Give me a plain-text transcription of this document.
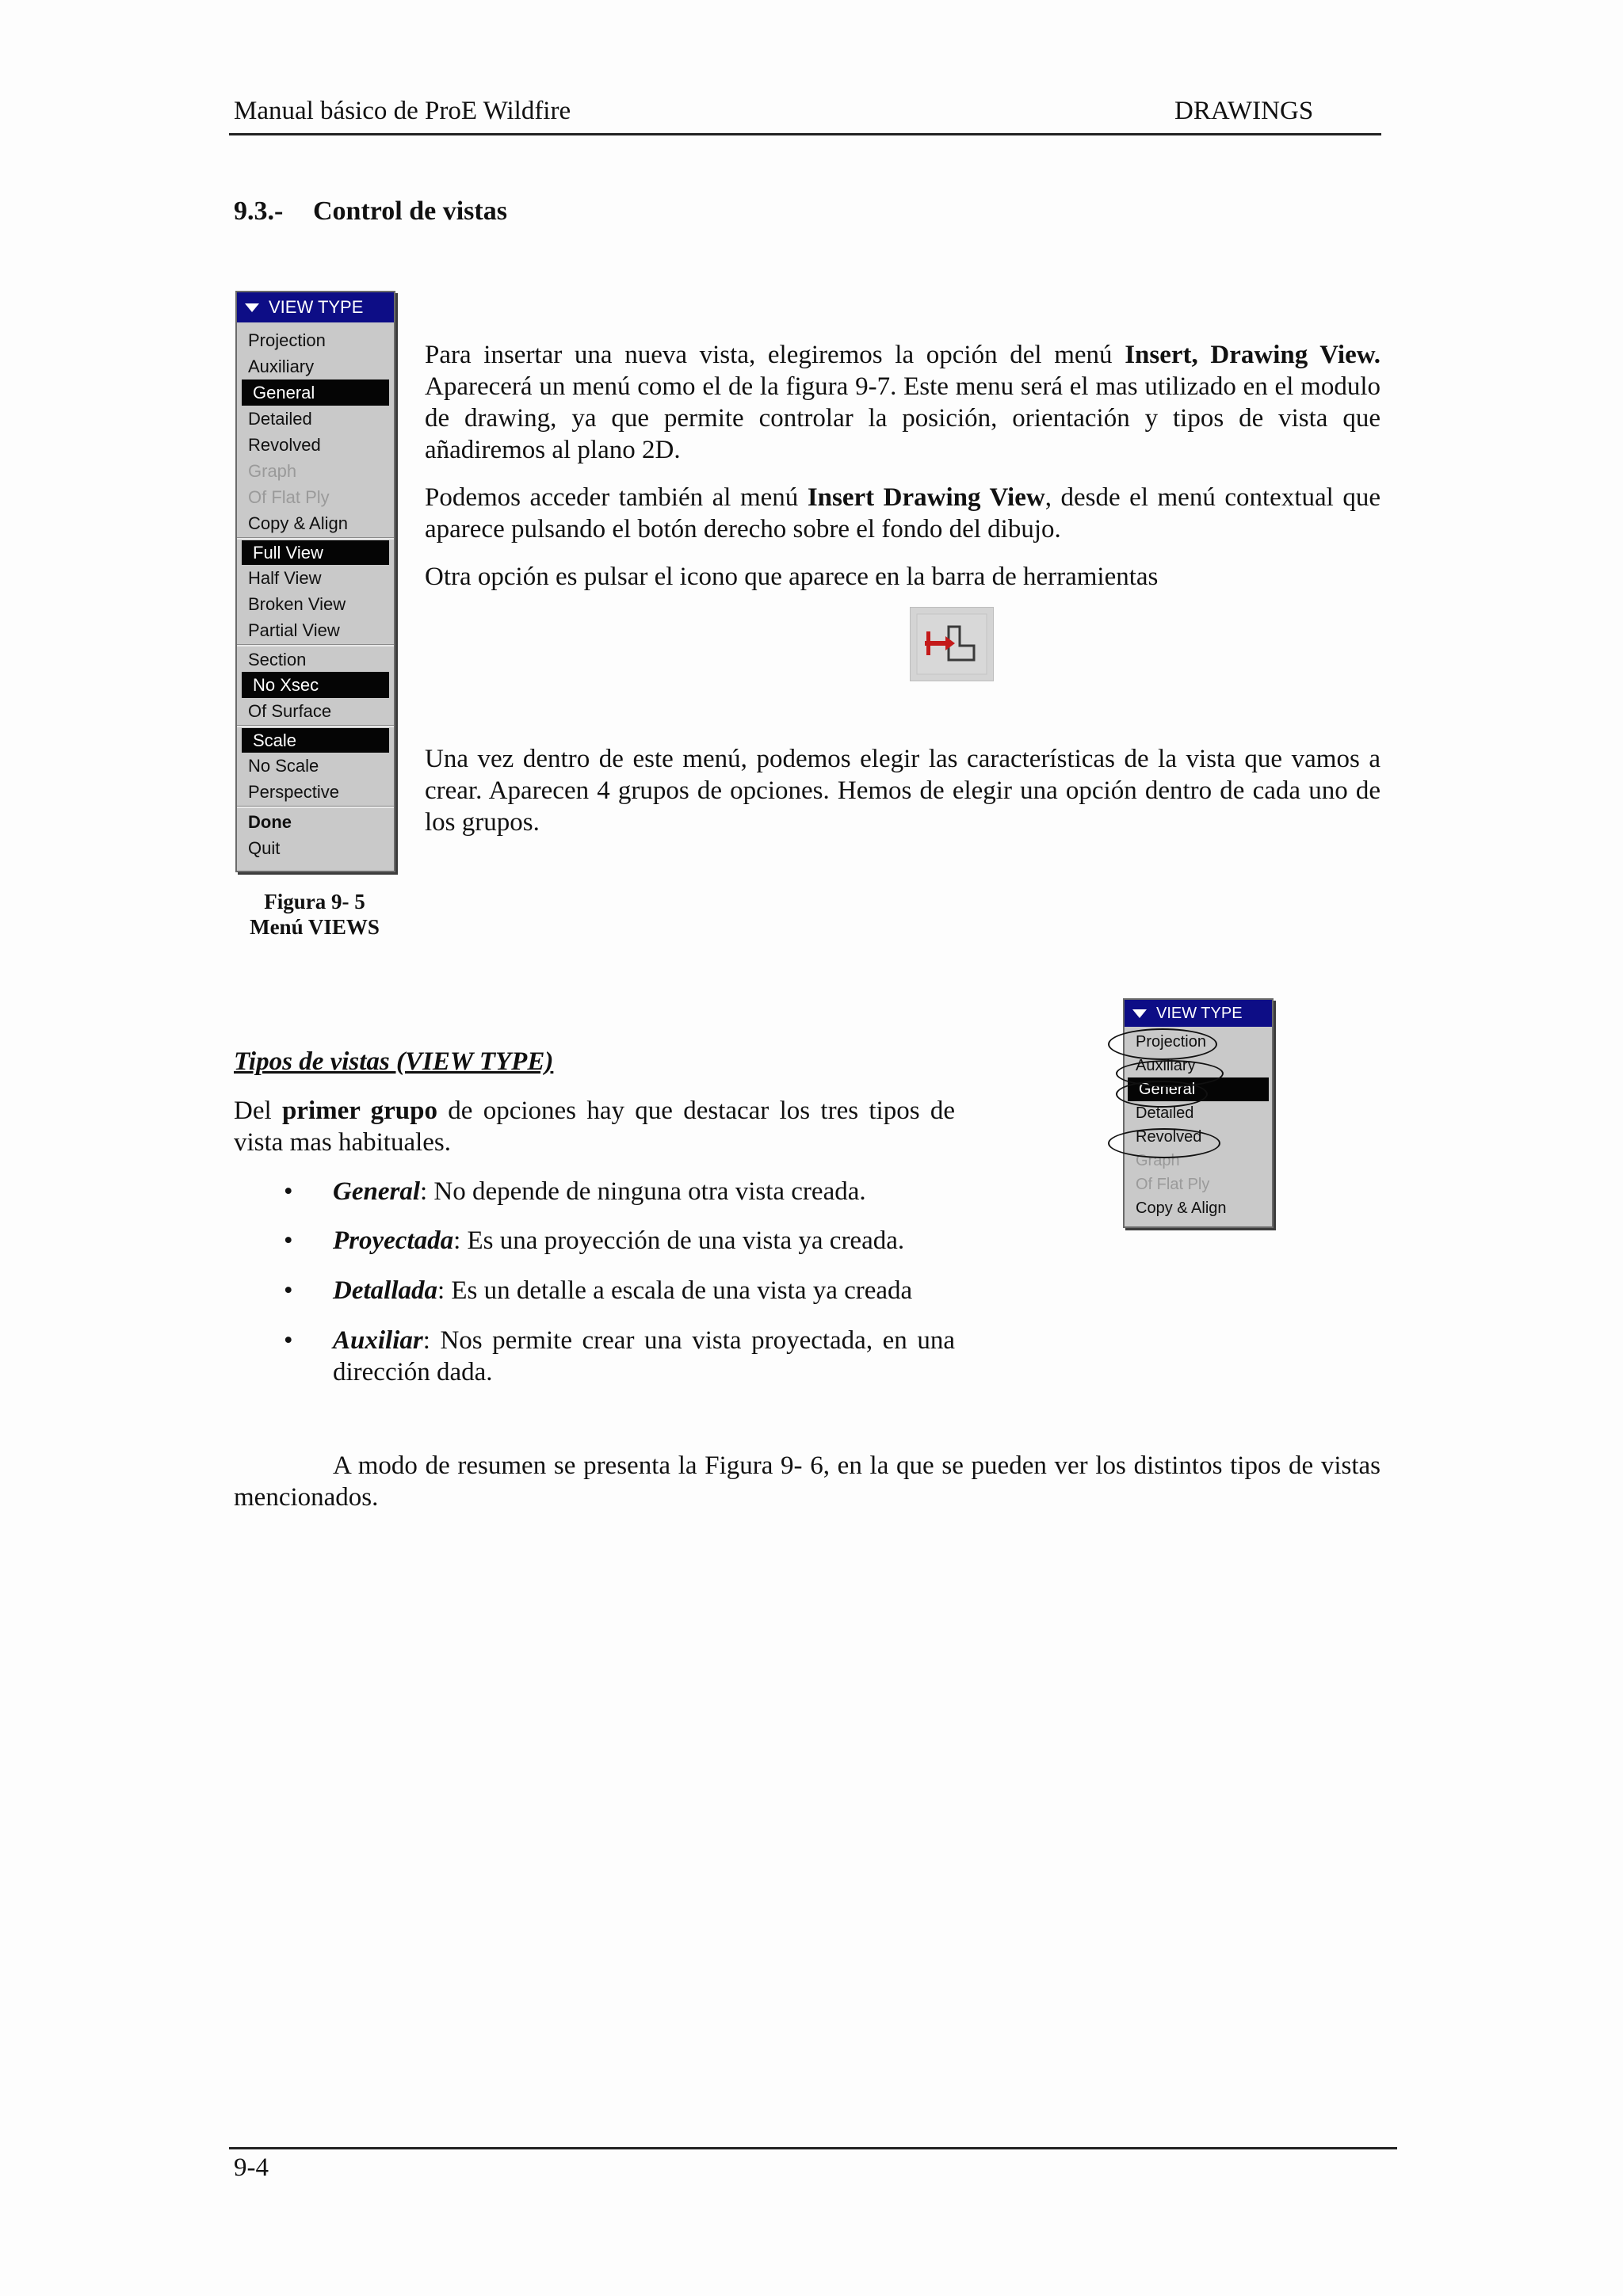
Manual básico de ProE Wildfire	DRAWINGS
9.3.- Control de vistas
VIEW TYPE
Projection
Auxiliary
General
Detailed
Revolved
Graph
Of Flat Ply
Copy & Align
Full View
Half View
Broken View
Partial View
Section
No Xsec
Of Surface
Scale
No Scale
Perspective
Done
Quit
Figura 9- 5
Menú VIEWS

Para insertar una nueva vista, elegiremos la opción del menú Insert, Drawing View. Aparecerá un menú como el de la figura 9-7. Este menu será el mas utilizado en el modulo de drawing, ya que permite controlar la posición, orientación y tipos de vista que añadiremos al plano 2D.

Podemos acceder también al menú Insert Drawing View, desde el menú contextual que aparece pulsando el botón derecho sobre el fondo del dibujo.

Otra opción es pulsar el icono que aparece en la barra de herramientas

Una vez dentro de este menú, podemos elegir las características de la vista que vamos a crear. Aparecen 4 grupos de opciones. Hemos de elegir una opción dentro de cada uno de los grupos.

VIEW TYPE
Projection
Auxiliary
General
Detailed
Revolved
Graph
Of Flat Ply
Copy & Align
Tipos de vistas (VIEW TYPE)

Del primer grupo de opciones hay que destacar los tres tipos de vista mas habituales.

• General: No depende de ninguna otra vista creada.
• Proyectada: Es una proyección de una vista ya creada.
• Detallada: Es un detalle a escala de una vista ya creada
• Auxiliar: Nos permite crear una vista proyectada, en una dirección dada.

A modo de resumen se presenta la Figura 9- 6, en la que se pueden ver los distintos tipos de vistas mencionados.

9-4
